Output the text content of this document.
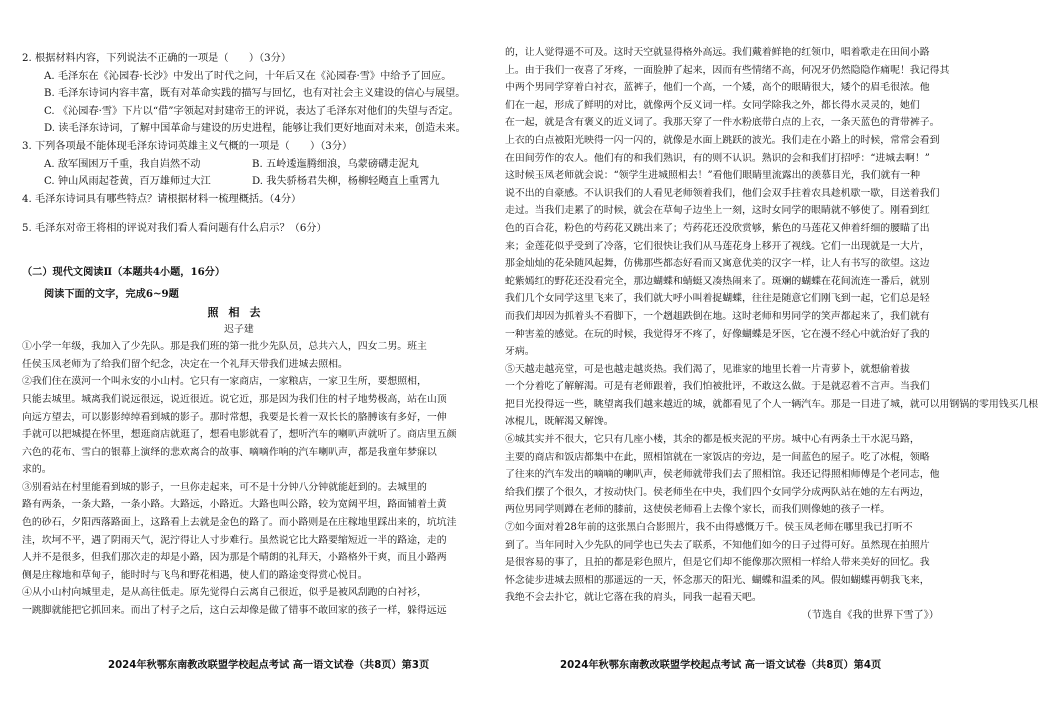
2. 根据材料内容，下列说法不正确的一项是（　　）（3分）
A. 毛泽东在《沁园春·长沙》中发出了时代之问，十年后又在《沁园春·雪》中给予了回应。
B. 毛泽东诗词内容丰富，既有对革命实践的描写与回忆，也有对社会主义建设的信心与展望。
C. 《沁园春·雪》下片以“借”字领起对封建帝王的评说，表达了毛泽东对他们的失望与否定。
D. 读毛泽东诗词，了解中国革命与建设的历史进程，能够让我们更好地面对未来，创造未来。
3. 下列各项最不能体现毛泽东诗词英雄主义气概的一项是（　　）（3分）
A. 敌军围困万千重，我自岿然不动	B. 五岭逶迤腾细浪，乌蒙磅礴走泥丸
C. 钟山风雨起苍黄，百万雄师过大江	D. 我失骄杨君失柳，杨柳轻飏直上重霄九
4. 毛泽东诗词具有哪些特点？请根据材料一梳理概括。（4分）
5. 毛泽东对帝王将相的评说对我们看人看问题有什么启示？（6分）
（二）现代文阅读Ⅱ（本题共4小题，16分）
阅读下面的文字，完成6~9题
照相去
迟子建
①小学一年级，我加入了少先队。那是我们班的第一批少先队员，总共六人，四女二男。班主
任侯玉凤老师为了给我们留个纪念，决定在一个礼拜天带我们进城去照相。
②我们住在漠河一个叫永安的小山村。它只有一家商店，一家粮店，一家卫生所，要想照相，
只能去城里。城离我们说远很远，说近很近。说它近，那是因为我们住的村子地势极高，站在山顶
向远方望去，可以影影绰绰看到城的影子。那时常想，我要是长着一双长长的胳膊该有多好，一伸
手就可以把城提在怀里，想逛商店就逛了，想看电影就看了，想听汽车的喇叭声就听了。商店里五颜
六色的花布、雪白的银幕上演绎的悲欢离合的故事、嘀嘀作响的汽车喇叭声，都是我童年梦寐以
求的。
③别看站在村里能看到城的影子，一旦你走起来，可不是十分钟八分钟就能赶到的。去城里的
路有两条，一条大路，一条小路。大路远，小路近。大路也叫公路，较为宽阔平坦，路面铺着土黄
色的砂石，夕阳西落路面上，这路看上去就是金色的路了。而小路则是在庄稼地里踩出来的，坑坑洼
洼，坎坷不平，遇了阴雨天气，泥泞得让人寸步难行。虽然说它比大路要缩短近一半的路途，走的
人并不是很多，但我们那次走的却是小路，因为那是个晴朗的礼拜天，小路格外干爽，而且小路两
侧是庄稼地和草甸子，能时时与飞鸟和野花相遇，使人们的路途变得赏心悦目。
④从小山村向城里走，是从高往低走。原先觉得白云离自己很近，似乎是被风刮跑的白衬衫，
一跳脚就能把它抓回来。而出了村子之后，这白云却像是做了错事不敢回家的孩子一样，躲得远远
的，让人觉得遥不可及。这时天空就显得格外高远。我们戴着鲜艳的红领巾，唱着歌走在田间小路
上。由于我们一夜喜了牙疼，一面脸肿了起来，因而有些情绪不高，何况牙仍然隐隐作痛呢！我记得其
中两个男同学穿着白衬衣，蓝裤子，他们一个高，一个矮，高个的眼睛很大，矮个的眉毛很浓。他
们在一起，形成了鲜明的对比，就像两个反义词一样。女同学除我之外，都长得水灵灵的，她们
在一起，就是含有褒义的近义词了。我那天穿了一件水粉底带白点的上衣，一条天蓝色的背带裤子。
上衣的白点被阳光映得一闪一闪的，就像是水面上跳跃的波光。我们走在小路上的时候，常常会看到
在田间劳作的农人。他们有的和我们熟识，有的则不认识。熟识的会和我们打招呼：“进城去啊！”
这时候玉凤老师就会说：“领学生进城照相去！”看他们眼睛里流露出的羡慕目光，我们就有一种
说不出的自豪感。不认识我们的人看见老师领着我们，他们会双手拄着农具趁机歇一歇，目送着我们
走过。当我们走累了的时候，就会在草甸子边坐上一刻，这时女同学的眼睛就不够使了。刚看到红
色的百合花，粉色的芍药花又跳出来了；芍药花还没欣赏够，紫色的马莲花又伸着纤细的腰瞄了出
来；金莲花似乎受到了冷落，它们很快让我们从马莲花身上移开了视线。它们一出现就是一大片，
那金灿灿的花朵随风起舞，仿佛那些都态好看而又寓意优美的汉字一样，让人有书写的欲望。这边
蛇紫嫣红的野花还没看完全，那边蝴蝶和蜻蜓又凑热闹来了。斑斓的蝴蝶在花间流连一番后，就别
我们几个女同学这里飞来了，我们就大呼小叫着捉蝴蝶，往往是随意它们刚飞到一起，它们总是轻
而我们却因为抓着头不看脚下，一个趔趄跌倒在地。这时老师和男同学的笑声都起来了，我们就有
一种害羞的感觉。在玩的时候，我觉得牙不疼了，好像蝴蝶是牙医，它在漫不经心中就治好了我的
牙病。
⑤天越走越亮堂，可是也越走越炎热。我们渴了，见谁家的地里长着一片青萝卜，就想偷着拔
一个分着吃了解解渴。可是有老师跟着，我们怕被批评，不敢这么做。于是就忍着不言声。当我们
把目光投得远一些，眺望离我们越来越近的城，就都看见了个人一辆汽车。那是一目进了城，就可以用钢锅的零用钱买几根
冰棍儿，既解渴又解馋。
⑥城其实并不很大，它只有几座小楼，其余的都是板夹泥的平房。城中心有两条土干水泥马路，
主要的商店和饭店都集中在此，照相馆就在一家饭店的旁边，是一间蓝色的屋子。吃了冰棍，领略
了往来的汽车发出的嘀嘀的喇叭声，侯老师就带我们去了照相馆。我还记得照相师傅是个老同志，他
给我们摆了个很久，才按动快门。侯老师坐在中央，我们四个女同学分成两队站在她的左右两边，
两位男同学则蹲在老师的膝前，这使侯老师看上去像个家长，而我们则像她的孩子一样。
⑦如今面对着28年前的这张黑白合影照片，我不由得感慨万千。侯玉凤老师在哪里我已打听不
到了。当年同时入少先队的同学也已失去了联系，不知他们如今的日子过得可好。虽然现在拍照片
是很容易的事了，且拍的都是彩色照片，但是它们却不能像那次照相一样给人带来美好的回忆。我
怀念徒步进城去照相的那遥远的一天，怀念那天的阳光、蝴蝶和温柔的风。假如蝴蝶再朝我飞来，
我绝不会去扑它，就让它落在我的肩头，同我一起看天吧。
（节选自《我的世界下雪了》）
2024年秋鄂东南教改联盟学校起点考试 高一语文试卷（共8页）第3页	2024年秋鄂东南教改联盟学校起点考试 高一语文试卷（共8页）第4页
